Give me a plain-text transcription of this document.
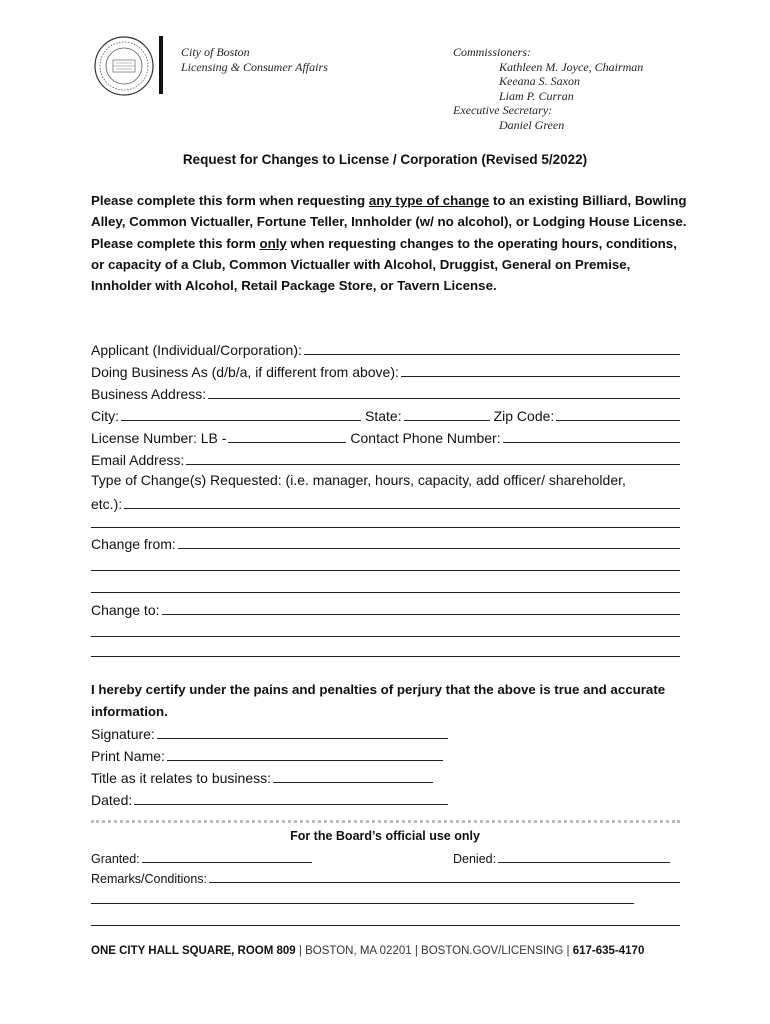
City of Boston
Licensing & Consumer Affairs
Commissioners:
Kathleen M. Joyce, Chairman
Keeana S. Saxon
Liam P. Curran
Executive Secretary:
Daniel Green
Request for Changes to License / Corporation (Revised 5/2022)
Please complete this form when requesting any type of change to an existing Billiard, Bowling Alley, Common Victualler, Fortune Teller, Innholder (w/ no alcohol), or Lodging House License. Please complete this form only when requesting changes to the operating hours, conditions, or capacity of a Club, Common Victualler with Alcohol, Druggist, General on Premise, Innholder with Alcohol, Retail Package Store, or Tavern License.
Applicant (Individual/Corporation):
Doing Business As (d/b/a, if different from above):
Business Address:
City:	State:	Zip Code:
License Number: LB -	Contact Phone Number:
Email Address:
Type of Change(s) Requested: (i.e. manager, hours, capacity, add officer/ shareholder,
etc.):
Change from:
Change to:
I hereby certify under the pains and penalties of perjury that the above is true and accurate information.
Signature:
Print Name:
Title as it relates to business:
Dated:
For the Board’s official use only
Granted:	Denied:
Remarks/Conditions:
ONE CITY HALL SQUARE, ROOM 809 | BOSTON, MA 02201 | BOSTON.GOV/LICENSING | 617-635-4170
